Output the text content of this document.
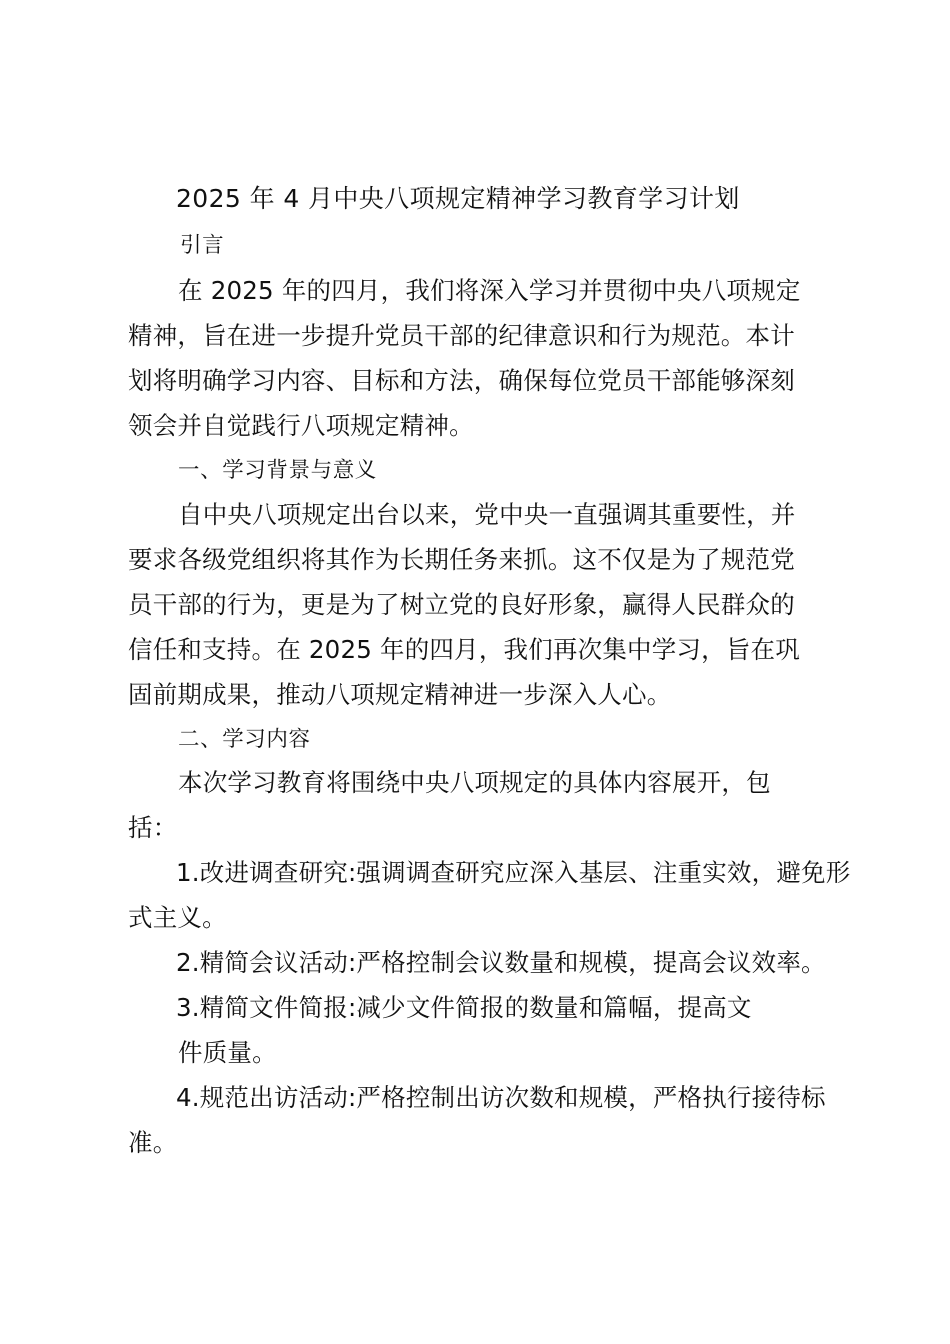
2025 年 4 月中央八项规定精神学习教育学习计划
引言
在 2025 年的四月，我们将深入学习并贯彻中央八项规定
精神，旨在进一步提升党员干部的纪律意识和行为规范。本计
划将明确学习内容、目标和方法，确保每位党员干部能够深刻
领会并自觉践行八项规定精神。
一、学习背景与意义
自中央八项规定出台以来，党中央一直强调其重要性，并
要求各级党组织将其作为长期任务来抓。这不仅是为了规范党
员干部的行为，更是为了树立党的良好形象，赢得人民群众的
信任和支持。在 2025 年的四月，我们再次集中学习，旨在巩
固前期成果，推动八项规定精神进一步深入人心。
二、学习内容
本次学习教育将围绕中央八项规定的具体内容展开，包
括：
1.改进调查研究:强调调查研究应深入基层、注重实效，避免形
式主义。
2.精简会议活动:严格控制会议数量和规模，提高会议效率。
3.精简文件简报:减少文件简报的数量和篇幅，提高文
件质量。
4.规范出访活动:严格控制出访次数和规模，严格执行接待标
准。
